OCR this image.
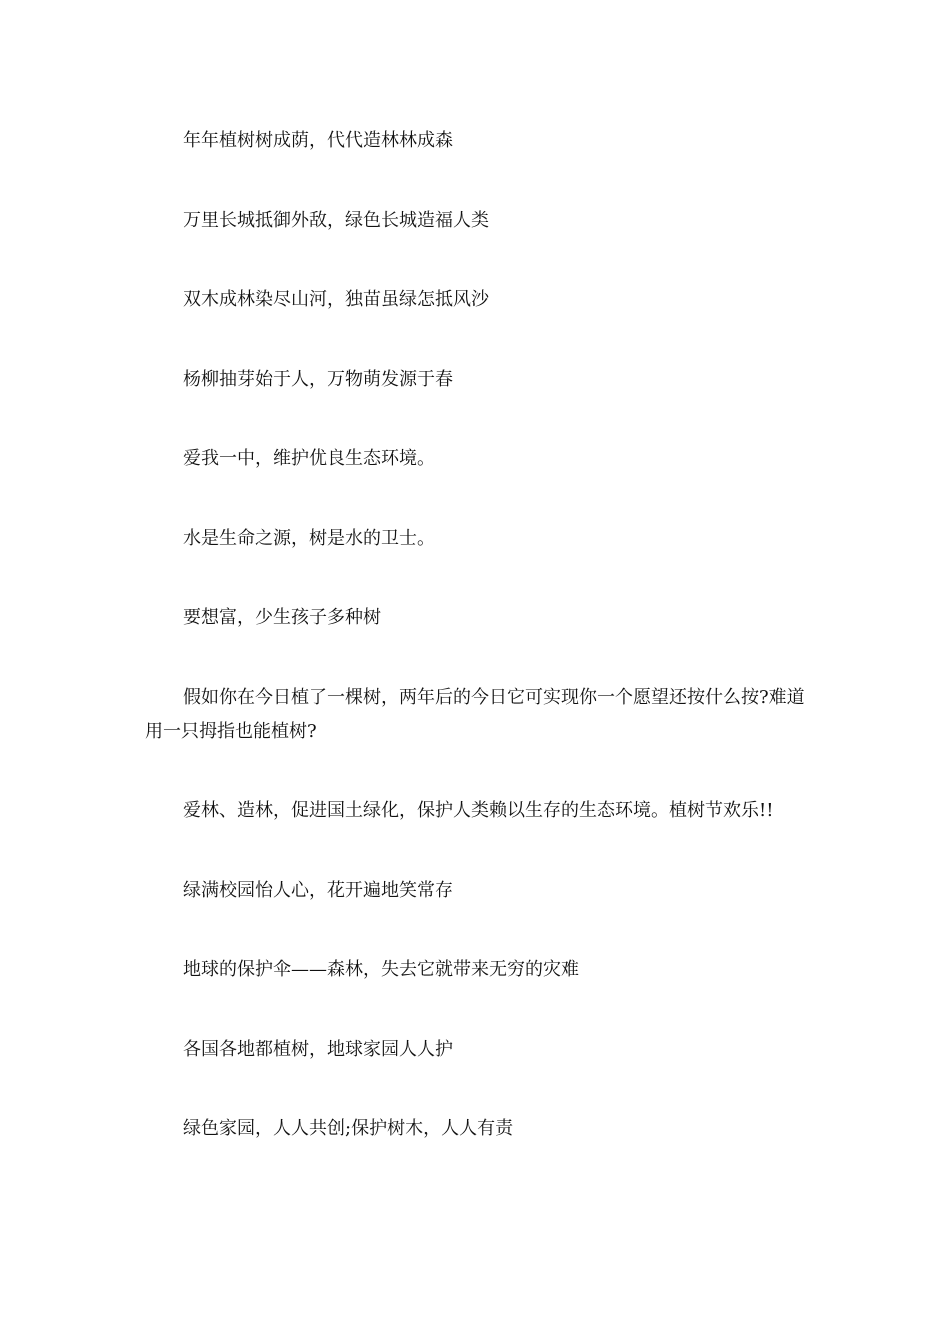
年年植树树成荫，代代造林林成森

万里长城抵御外敌，绿色长城造福人类

双木成林染尽山河，独苗虽绿怎抵风沙

杨柳抽芽始于人，万物萌发源于春

爱我一中，维护优良生态环境。

水是生命之源，树是水的卫士。

要想富，少生孩子多种树

假如你在今日植了一棵树，两年后的今日它可实现你一个愿望还按什么按?难道用一只拇指也能植树?

爱林、造林，促进国土绿化，保护人类赖以生存的生态环境。植树节欢乐!!

绿满校园怡人心，花开遍地笑常存

地球的保护伞——森林，失去它就带来无穷的灾难

各国各地都植树，地球家园人人护

绿色家园，人人共创;保护树木，人人有责
